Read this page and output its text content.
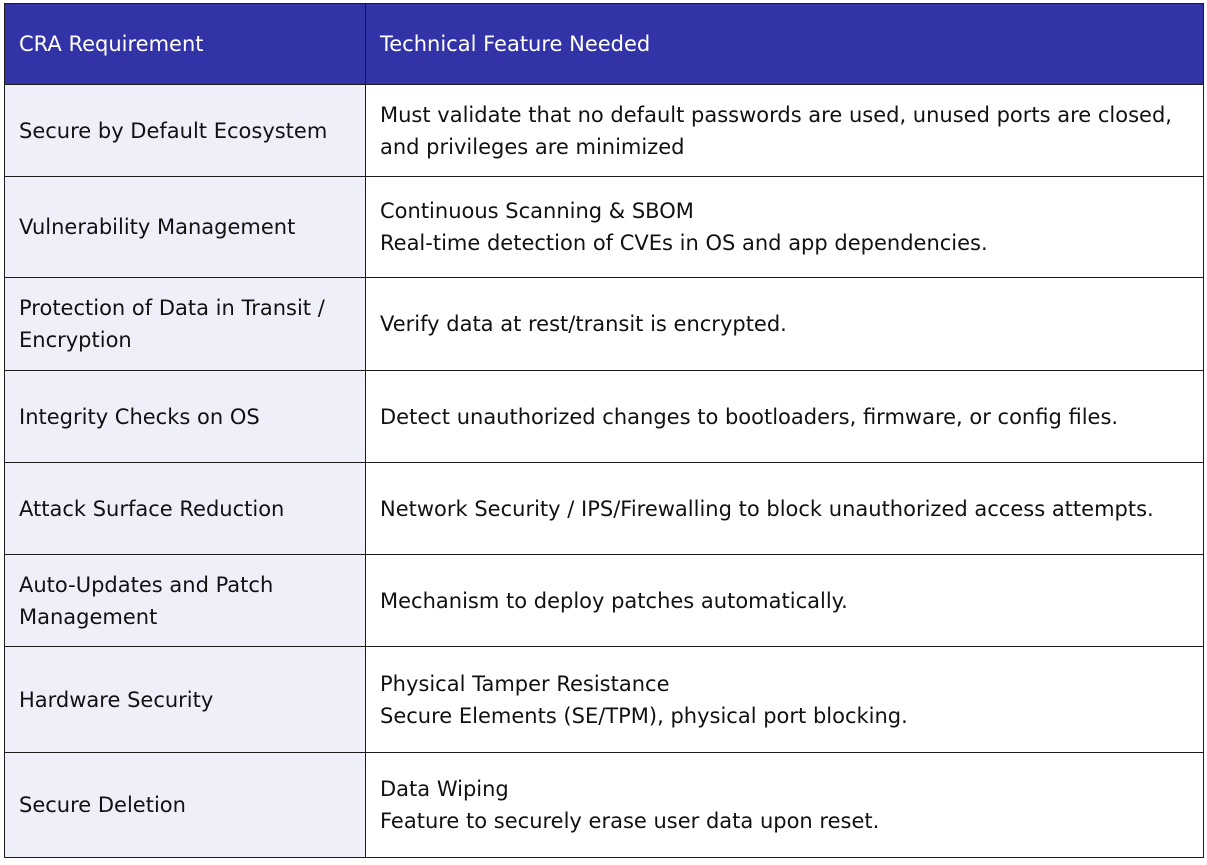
CRA Requirement	Technical Feature Needed

Secure by Default Ecosystem	Must validate that no default passwords are used, unused ports are closed,
and privileges are minimized

Vulnerability Management	Continuous Scanning & SBOM
Real-time detection of CVEs in OS and app dependencies.

Protection of Data in Transit /
Encryption	Verify data at rest/transit is encrypted.

Integrity Checks on OS	Detect unauthorized changes to bootloaders, firmware, or config files.

Attack Surface Reduction	Network Security / IPS/Firewalling to block unauthorized access attempts.

Auto-Updates and Patch
Management	Mechanism to deploy patches automatically.

Hardware Security	Physical Tamper Resistance
Secure Elements (SE/TPM), physical port blocking.

Secure Deletion	Data Wiping
Feature to securely erase user data upon reset.
